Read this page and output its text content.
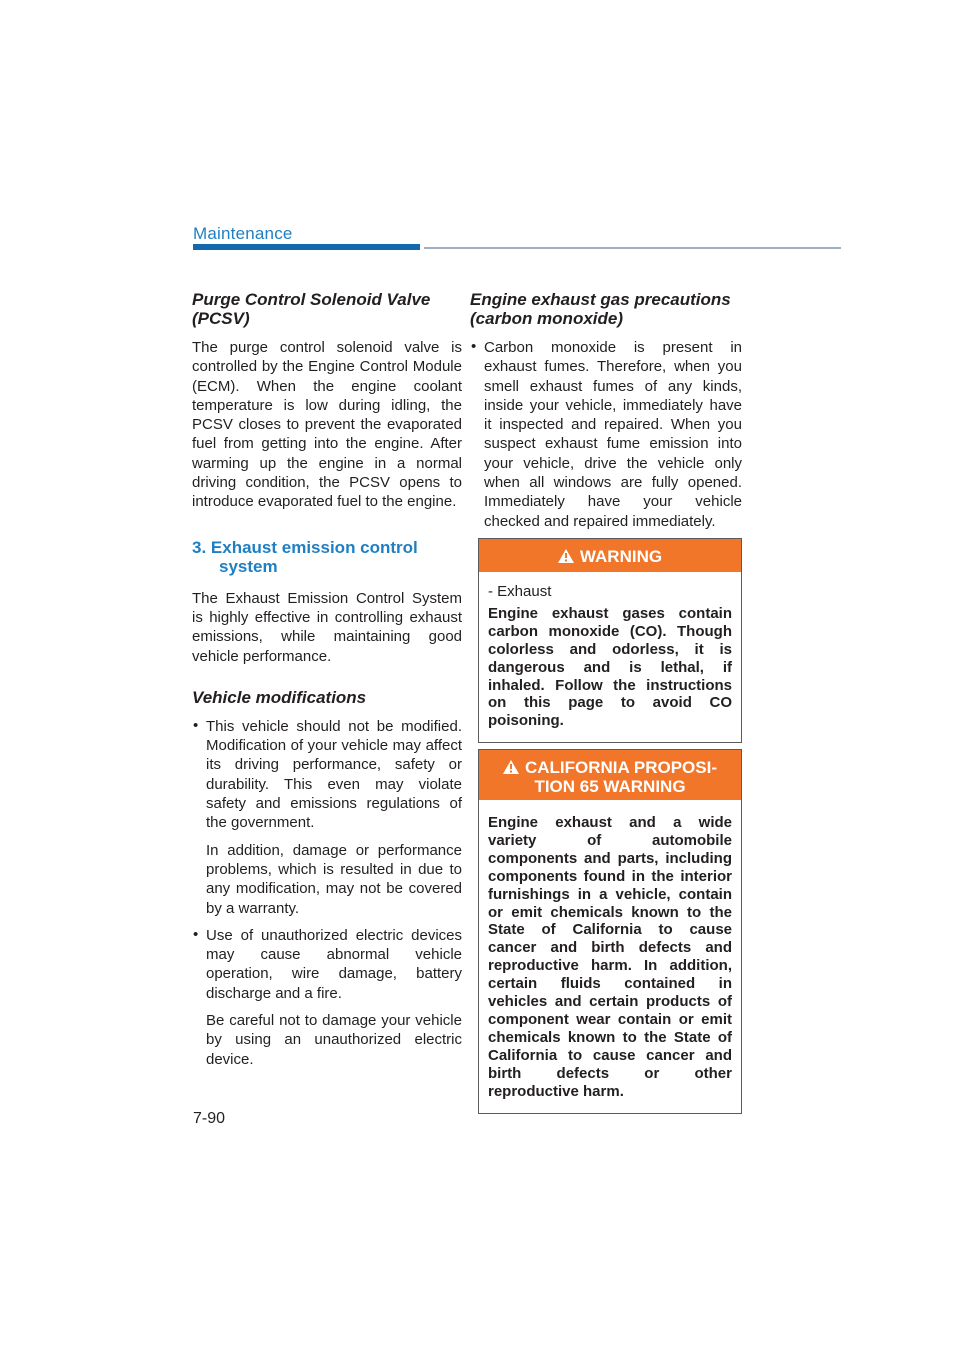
Maintenance

Purge Control Solenoid Valve (PCSV)

The purge control solenoid valve is controlled by the Engine Control Module (ECM). When the engine coolant temperature is low during idling, the PCSV closes to prevent the evaporated fuel from getting into the engine. After warming up the engine in a normal driving condition, the PCSV opens to introduce evaporated fuel to the engine.

3. Exhaust emission control system

The Exhaust Emission Control System is highly effective in controlling exhaust emissions, while maintaining good vehicle performance.

Vehicle modifications

• This vehicle should not be modified. Modification of your vehicle may affect its driving performance, safety or durability. This even may violate safety and emissions regulations of the government.

In addition, damage or performance problems, which is resulted in due to any modification, may not be covered by a warranty.

• Use of unauthorized electric devices may cause abnormal vehicle operation, wire damage, battery discharge and a fire.

Be careful not to damage your vehicle by using an unauthorized electric device.

Engine exhaust gas precautions (carbon monoxide)

• Carbon monoxide is present in exhaust fumes. Therefore, when you smell exhaust fumes of any kinds, inside your vehicle, immediately have it inspected and repaired. When you suspect exhaust fume emission into your vehicle, drive the vehicle only when all windows are fully opened. Immediately have your vehicle checked and repaired immediately.

WARNING
- Exhaust
Engine exhaust gases contain carbon monoxide (CO). Though colorless and odorless, it is dangerous and is lethal, if inhaled. Follow the instructions on this page to avoid CO poisoning.
CALIFORNIA PROPOSI-
TION 65 WARNING
Engine exhaust and a wide variety of automobile components and parts, including components found in the interior furnishings in a vehicle, contain or emit chemicals known to the State of California to cause cancer and birth defects and reproductive harm. In addition, certain fluids contained in vehicles and certain products of component wear contain or emit chemicals known to the State of California to cause cancer and birth defects or other reproductive harm.
7-90
